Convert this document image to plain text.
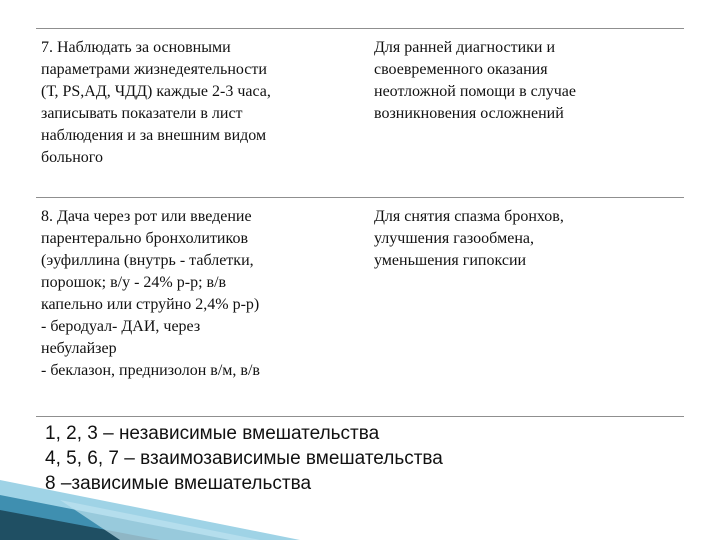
7. Наблюдать за основными
параметрами жизнедеятельности
(Т, PS,АД, ЧДД) каждые 2-3 часа,
записывать показатели в лист
наблюдения и за внешним видом
больного
Для ранней диагностики и
своевременного оказания
неотложной помощи в случае
возникновения осложнений
8. Дача через рот или введение
парентерально бронхолитиков
(эуфиллина (внутрь - таблетки,
порошок; в/у - 24% р-р; в/в
капельно или струйно 2,4% р-р)
- беродуал- ДАИ, через
небулайзер
- беклазон, преднизолон в/м, в/в
Для снятия спазма бронхов,
улучшения газообмена,
уменьшения гипоксии
1, 2, 3 – независимые вмешательства
4, 5, 6, 7 – взаимозависимые вмешательства
8 –зависимые вмешательства
